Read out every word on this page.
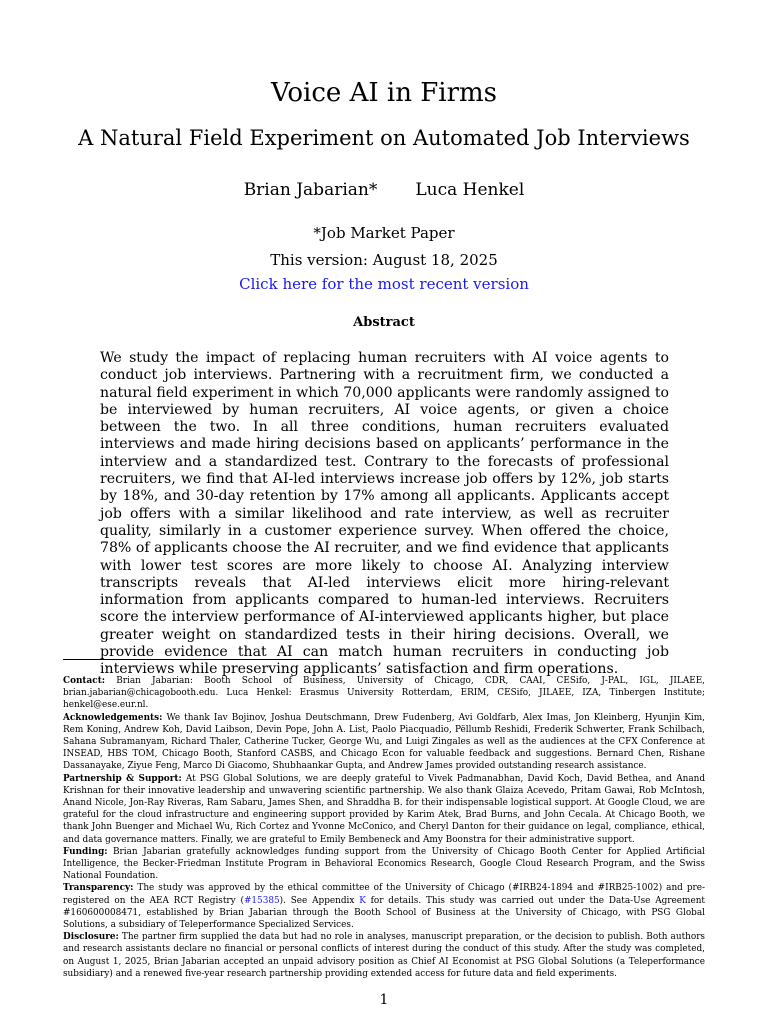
Voice AI in Firms
A Natural Field Experiment on Automated Job Interviews
Brian Jabarian* Luca Henkel
*Job Market Paper
This version: August 18, 2025
Click here for the most recent version
Abstract
We study the impact of replacing human recruiters with AI voice agents to conduct job interviews. Partnering with a recruitment firm, we conducted a natural field experiment in which 70,000 applicants were randomly assigned to be interviewed by human recruiters, AI voice agents, or given a choice between the two. In all three conditions, human recruiters evaluated interviews and made hiring decisions based on applicants’ performance in the interview and a standardized test. Contrary to the forecasts of professional recruiters, we find that AI-led interviews increase job offers by 12%, job starts by 18%, and 30-day retention by 17% among all applicants. Applicants accept job offers with a similar likelihood and rate interview, as well as recruiter quality, similarly in a customer experience survey. When offered the choice, 78% of applicants choose the AI recruiter, and we find evidence that applicants with lower test scores are more likely to choose AI. Analyzing interview transcripts reveals that AI-led interviews elicit more hiring-relevant information from applicants compared to human-led interviews. Recruiters score the interview performance of AI-interviewed applicants higher, but place greater weight on standardized tests in their hiring decisions. Overall, we provide evidence that AI can match human recruiters in conducting job interviews while preserving applicants’ satisfaction and firm operations.

Contact: Brian Jabarian: Booth School of Business, University of Chicago, CDR, CAAI, CESifo, J-PAL, IGL, JILAEE, brian.jabarian@chicagobooth.edu. Luca Henkel: Erasmus University Rotterdam, ERIM, CESifo, JILAEE, IZA, Tinbergen Institute; henkel@ese.eur.nl.

Acknowledgements: We thank Iav Bojinov, Joshua Deutschmann, Drew Fudenberg, Avi Goldfarb, Alex Imas, Jon Kleinberg, Hyunjin Kim, Rem Koning, Andrew Koh, David Laibson, Devin Pope, John A. List, Paolo Piacquadio, Pëllumb Reshidi, Frederik Schwerter, Frank Schilbach, Sahana Subramanyam, Richard Thaler, Catherine Tucker, George Wu, and Luigi Zingales as well as the audiences at the CFX Conference at INSEAD, HBS TOM, Chicago Booth, Stanford CASBS, and Chicago Econ for valuable feedback and suggestions. Bernard Chen, Rishane Dassanayake, Ziyue Feng, Marco Di Giacomo, Shubhaankar Gupta, and Andrew James provided outstanding research assistance.

Partnership & Support: At PSG Global Solutions, we are deeply grateful to Vivek Padmanabhan, David Koch, David Bethea, and Anand Krishnan for their innovative leadership and unwavering scientific partnership. We also thank Glaiza Acevedo, Pritam Gawai, Rob McIntosh, Anand Nicole, Jon-Ray Riveras, Ram Sabaru, James Shen, and Shraddha B. for their indispensable logistical support. At Google Cloud, we are grateful for the cloud infrastructure and engineering support provided by Karim Atek, Brad Burns, and John Cecala. At Chicago Booth, we thank John Buenger and Michael Wu, Rich Cortez and Yvonne McConico, and Cheryl Danton for their guidance on legal, compliance, ethical, and data governance matters. Finally, we are grateful to Emily Bembeneck and Amy Boonstra for their administrative support.

Funding: Brian Jabarian gratefully acknowledges funding support from the University of Chicago Booth Center for Applied Artificial Intelligence, the Becker-Friedman Institute Program in Behavioral Economics Research, Google Cloud Research Program, and the Swiss National Foundation.

Transparency: The study was approved by the ethical committee of the University of Chicago (#IRB24-1894 and #IRB25-1002) and pre-registered on the AEA RCT Registry (#15385). See Appendix K for details. This study was carried out under the Data-Use Agreement #160600008471, established by Brian Jabarian through the Booth School of Business at the University of Chicago, with PSG Global Solutions, a subsidiary of Teleperformance Specialized Services.

Disclosure: The partner firm supplied the data but had no role in analyses, manuscript preparation, or the decision to publish. Both authors and research assistants declare no financial or personal conflicts of interest during the conduct of this study. After the study was completed, on August 1, 2025, Brian Jabarian accepted an unpaid advisory position as Chief AI Economist at PSG Global Solutions (a Teleperformance subsidiary) and a renewed five-year research partnership providing extended access for future data and field experiments.

1
